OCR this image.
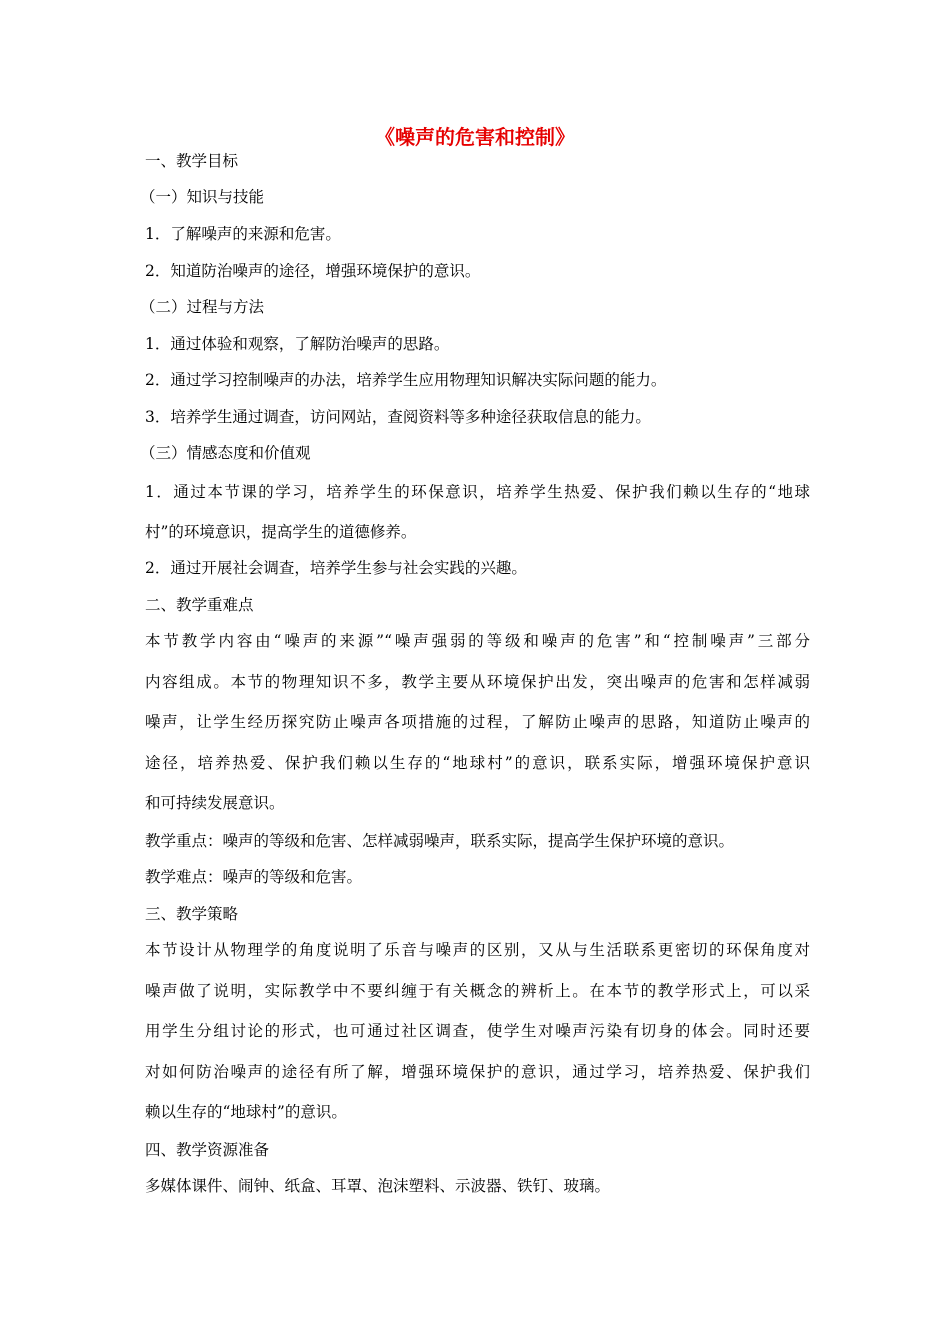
《噪声的危害和控制》
一、教学目标
（一）知识与技能
1．了解噪声的来源和危害。
2．知道防治噪声的途径，增强环境保护的意识。
（二）过程与方法
1．通过体验和观察，了解防治噪声的思路。
2．通过学习控制噪声的办法，培养学生应用物理知识解决实际问题的能力。
3．培养学生通过调查，访问网站，查阅资料等多种途径获取信息的能力。
（三）情感态度和价值观
1．通过本节课的学习，培养学生的环保意识，培养学生热爱、保护我们赖以生存的“地球
村”的环境意识，提高学生的道德修养。
2．通过开展社会调查，培养学生参与社会实践的兴趣。
二、教学重难点
本节教学内容由“噪声的来源”“噪声强弱的等级和噪声的危害”和“控制噪声”三部分
内容组成。本节的物理知识不多，教学主要从环境保护出发，突出噪声的危害和怎样减弱
噪声，让学生经历探究防止噪声各项措施的过程，了解防止噪声的思路，知道防止噪声的
途径，培养热爱、保护我们赖以生存的“地球村”的意识，联系实际，增强环境保护意识
和可持续发展意识。
教学重点：噪声的等级和危害、怎样减弱噪声，联系实际，提高学生保护环境的意识。
教学难点：噪声的等级和危害。
三、教学策略
本节设计从物理学的角度说明了乐音与噪声的区别，又从与生活联系更密切的环保角度对
噪声做了说明，实际教学中不要纠缠于有关概念的辨析上。在本节的教学形式上，可以采
用学生分组讨论的形式，也可通过社区调查，使学生对噪声污染有切身的体会。同时还要
对如何防治噪声的途径有所了解，增强环境保护的意识，通过学习，培养热爱、保护我们
赖以生存的“地球村”的意识。
四、教学资源准备
多媒体课件、闹钟、纸盒、耳罩、泡沫塑料、示波器、铁钉、玻璃。
